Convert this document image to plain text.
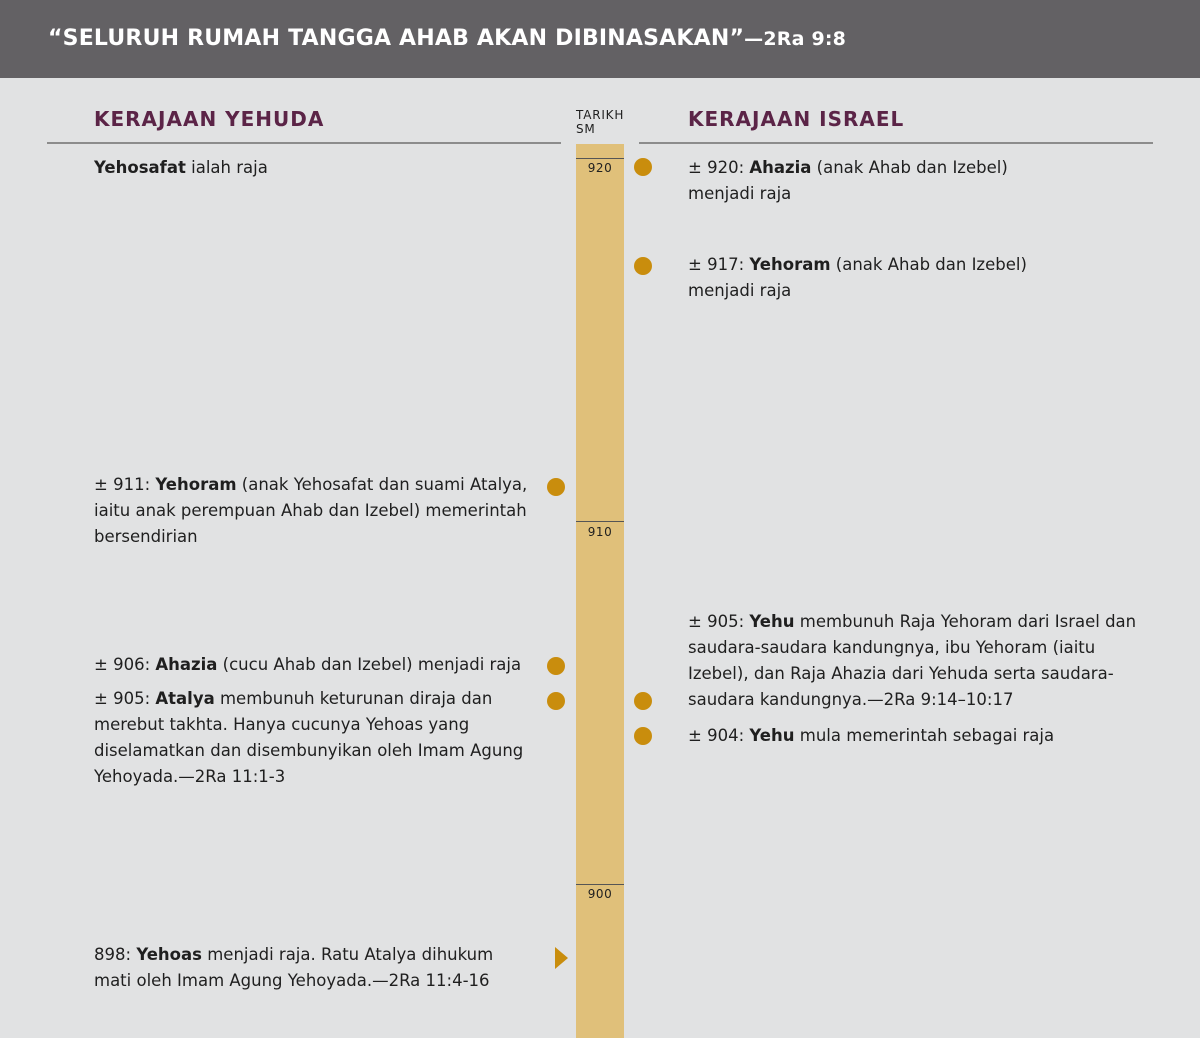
“SELURUH RUMAH TANGGA AHAB AKAN DIBINASAKAN”—2Ra 9:8
KERAJAAN YEHUDA	KERAJAAN ISRAEL
TARIKH
SM
920
910
900
Yehosafat ialah raja
± 911: Yehoram (anak Yehosafat dan suami Atalya, iaitu anak perempuan Ahab dan Izebel) memerintah bersendirian
± 906: Ahazia (cucu Ahab dan Izebel) menjadi raja
± 905: Atalya membunuh keturunan diraja dan merebut takhta. Hanya cucunya Yehoas yang diselamatkan dan disembunyikan oleh Imam Agung Yehoyada.—2Ra 11:1-3
898: Yehoas menjadi raja. Ratu Atalya dihukum mati oleh Imam Agung Yehoyada.—2Ra 11:4-16
± 920: Ahazia (anak Ahab dan Izebel) menjadi raja
± 917: Yehoram (anak Ahab dan Izebel) menjadi raja
± 905: Yehu membunuh Raja Yehoram dari Israel dan saudara-saudara kandungnya, ibu Yehoram (iaitu Izebel), dan Raja Ahazia dari Yehuda serta saudara-saudara kandungnya.—2Ra 9:14–10:17
± 904: Yehu mula memerintah sebagai raja
